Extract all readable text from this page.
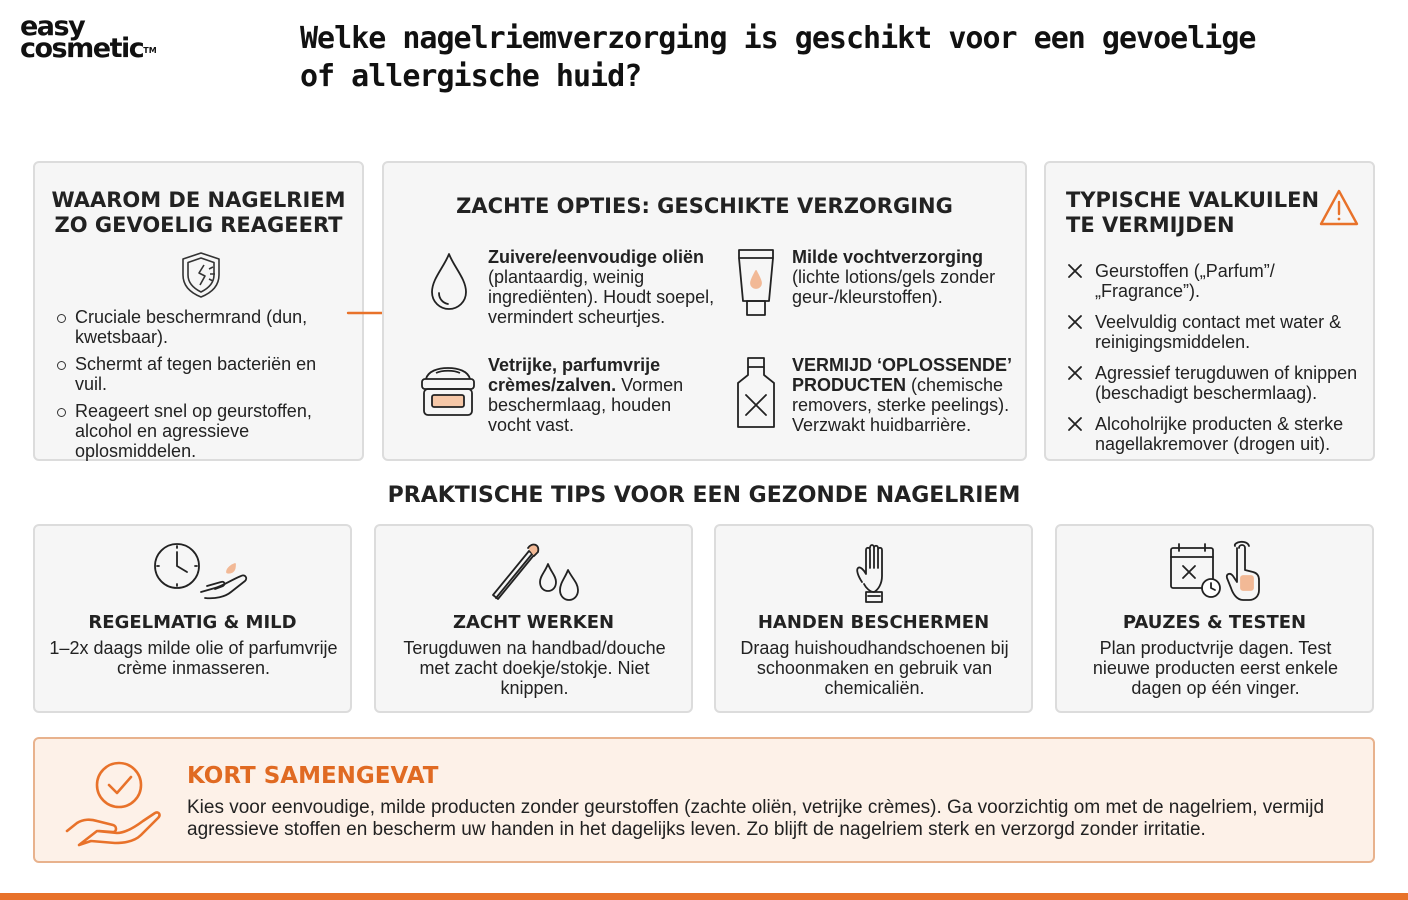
easy
cosmetic™	Welke nagelriemverzorging is geschikt voor een gevoelige of allergische huid?
WAAROM DE NAGELRIEM ZO GEVOELIG REAGEERT
Cruciale beschermrand (dun, kwetsbaar).
Schermt af tegen bacteriën en vuil.
Reageert snel op geurstoffen, alcohol en agressieve oplosmiddelen.
ZACHTE OPTIES: GESCHIKTE VERZORGING
Zuivere/eenvoudige oliën (plantaardig, weinig ingrediënten). Houdt soepel, vermindert scheurtjes.
Milde vochtverzorging (lichte lotions/gels zonder geur-/kleurstoffen).
Vetrijke, parfumvrije crèmes/zalven. Vormen beschermlaag, houden vocht vast.
VERMIJD ‘OPLOSSENDE’ PRODUCTEN (chemische removers, sterke peelings). Verzwakt huidbarrière.
TYPISCHE VALKUILEN TE VERMIJDEN
Geurstoffen („Parfum”/„Fragrance”).
Veelvuldig contact met water & reinigingsmiddelen.
Agressief terugduwen of knippen (beschadigt beschermlaag).
Alcoholrijke producten & sterke nagellakremover (drogen uit).
PRAKTISCHE TIPS VOOR EEN GEZONDE NAGELRIEM
REGELMATIG & MILD

1–2x daags milde olie of parfumvrije crème inmasseren.

ZACHT WERKEN

Terugduwen na handbad/douche met zacht doekje/stokje. Niet knippen.

HANDEN BESCHERMEN

Draag huishoudhandschoenen bij schoonmaken en gebruik van chemicaliën.

PAUZES & TESTEN

Plan productvrije dagen. Test nieuwe producten eerst enkele dagen op één vinger.

KORT SAMENGEVAT

Kies voor eenvoudige, milde producten zonder geurstoffen (zachte oliën, vetrijke crèmes). Ga voorzichtig om met de nagelriem, vermijd agressieve stoffen en bescherm uw handen in het dagelijks leven. Zo blijft de nagelriem sterk en verzorgd zonder irritatie.
